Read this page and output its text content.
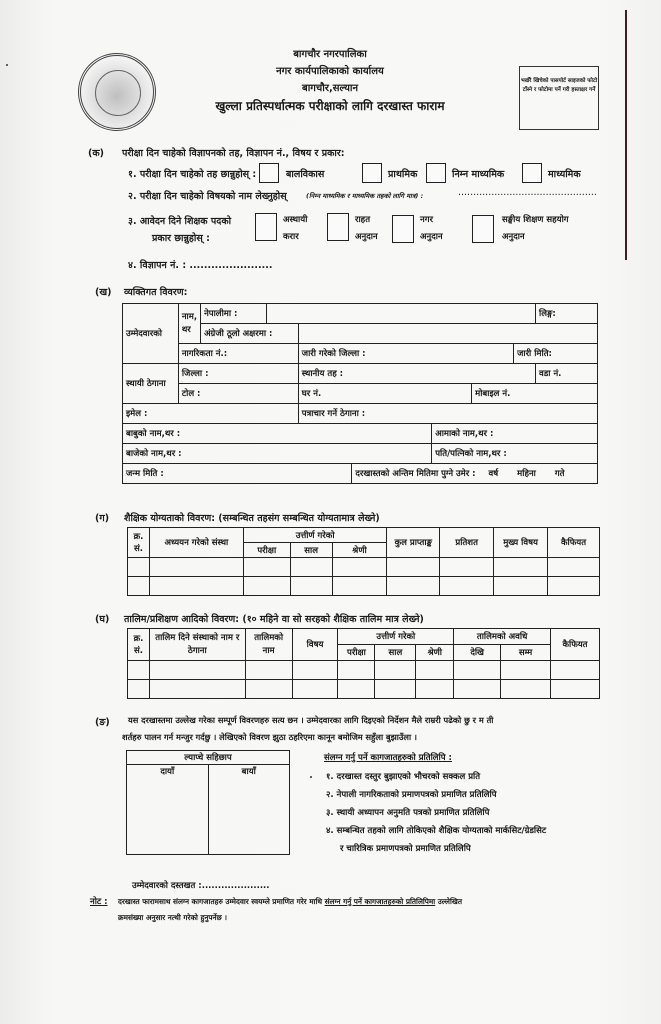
बागचौर नगरपालिका
नगर कार्यपालिकाको कार्यालय
बागचौर,सल्यान
खुल्ला प्रतिस्पर्धात्मक परीक्षाको लागि दरखास्त फाराम
भर्खरै खिचेको पासपोर्ट साइजको फोटो टाँस्ने र फोटोमा पर्ने गरी हस्ताक्षर गर्ने
(क) परीक्षा दिन चाहेको विज्ञापनको तह, विज्ञापन नं., विषय र प्रकार:
१. परीक्षा दिन चाहेको तह छान्नुहोस् :	बालविकास	प्राथमिक	निम्न माध्यमिक	माध्यमिक
२. परीक्षा दिन चाहेको विषयको नाम लेख्नुहोस्	(निम्न माध्यमिक र माध्यमिक तहको लागि मात्र) :	..............................................
३. आवेदन दिने शिक्षक पदको
प्रकार छान्नुहोस् :
अस्थायी
करार
राहत
अनुदान
नगर
अनुदान
सङ्घीय शिक्षण सहयोग
अनुदान
४. विज्ञापन नं. : .......................
(ख) व्यक्तिगत विवरण:
उम्मेदवारको	नाम, थर	नेपालीमा :							लिङ्ग:
		अंग्रेजी ठूलो अक्षरमा :							
	नागरिकता नं.:			जारी गरेको जिल्ला :				जारी मिति:	
स्थायी ठेगाना	जिल्ला :			स्थानीय तह :					वडा नं.
	टोल :			घर नं.			मोबाइल नं.		
इमेल :				पत्राचार गर्ने ठेगाना :					
बाबुको नाम,थर :						आमाको नाम,थर :			
बाजेको नाम,थर :						पति/पत्निको नाम,थर :			
जन्म मिति :					दरखास्तको अन्तिम मितिमा पुग्ने उमेर : वर्ष महिना गते				
(ग) शैक्षिक योग्यताको विवरण: (सम्बन्धित तहसंग सम्बन्धित योग्यतामात्र लेख्ने)
क्र. सं.	अध्ययन गरेको संस्था	उत्तीर्ण गरेको			कुल प्राप्ताङ्क	प्रतिशत	मुख्य विषय	कैफियत
		परीक्षा	साल	श्रेणी				

(घ) तालिम/प्रशिक्षण आदिको विवरण: (१० महिने वा सो सरहको शैक्षिक तालिम मात्र लेख्ने)
क्र. सं.	तालिम दिने संस्थाको नाम र ठेगाना	तालिमको नाम	विषय	उत्तीर्ण गरेको			तालिमको अवधि		कैफियत
				परीक्षा	साल	श्रेणी	देखि	सम्म	

(ङ) यस दरखास्तमा उल्लेख गरेका सम्पूर्ण विवरणहरु सत्य छन । उम्मेदवारका लागि दिइएको निर्देशन मैले राम्ररी पढेको छु र म ती
शर्तहरु पालन गर्न मन्जुर गर्दछु । लेखिएको विवरण झुठा ठहरिएमा कानून बमोजिम सहुँला बुझाउँला ।
ल्याप्चे सहिछाप
दायाँ	बायाँ
संलग्न गर्नु पर्ने कागजातहरुको प्रतिलिपि :
१. दरखास्त दस्तुर बुझाएको भौचरको सक्कल प्रति
२. नेपाली नागरिकताको प्रमाणपत्रको प्रमाणित प्रतिलिपि
३. स्थायी अध्यापन अनुमति पत्रको प्रमाणित प्रतिलिपि
४. सम्बन्धित तहको लागि तोकिएको शैक्षिक योग्यताको मार्कसिट/ग्रेडसिट
र चारित्रिक प्रमाणपत्रको प्रमाणित प्रतिलिपि
उम्मेदवारको दस्तखत :.....................
नोट : दरखास्त फारामसाथ संलग्न कागजातहरु उम्मेदवार स्वयम्ले प्रमाणित गरेर माथि संलग्न गर्नु पर्ने कागजातहरुको प्रतिलिपिमा उल्लेखित
क्रमसंख्या अनुसार नत्थी गरेको हुनुपर्नेछ ।
